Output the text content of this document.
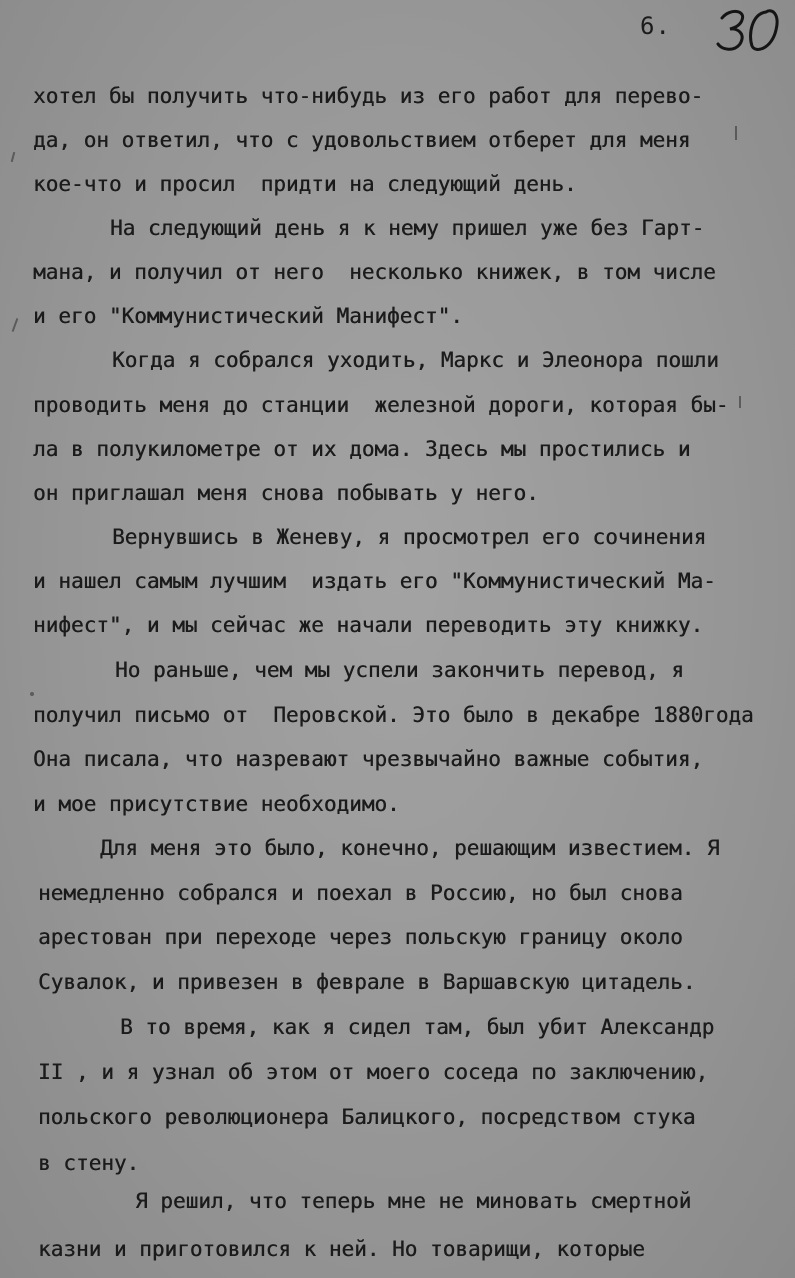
6.
хотел бы получить что-нибудь из его работ для перево-
да, он ответил, что с удовольствием отберет для меня
кое-что и просил  придти на следующий день.
На следующий день я к нему пришел уже без Гарт-
мана, и получил от него  несколько книжек, в том числе
и его "Коммунистический Манифест".
Когда я собрался уходить, Маркс и Элеонора пошли
проводить меня до станции  железной дороги, которая бы-
ла в полукилометре от их дома. Здесь мы простились и
он приглашал меня снова побывать у него.
Вернувшись в Женеву, я просмотрел его сочинения
и нашел самым лучшим  издать его "Коммунистический Ма-
нифест", и мы сейчас же начали переводить эту книжку.
Но раньше, чем мы успели закончить перевод, я
получил письмо от  Перовской. Это было в декабре 1880года
Она писала, что назревают чрезвычайно важные события,
и мое присутствие необходимо.
Для меня это было, конечно, решающим известием. Я
немедленно собрался и поехал в Россию, но был снова
арестован при переходе через польскую границу около
Сувалок, и привезен в феврале в Варшавскую цитадель.
В то время, как я сидел там, был убит Александр
II , и я узнал об этом от моего соседа по заключению,
польского революционера Балицкого, посредством стука
в стену.
Я решил, что теперь мне не миновать смертной
казни и приготовился к ней. Но товарищи, которые
